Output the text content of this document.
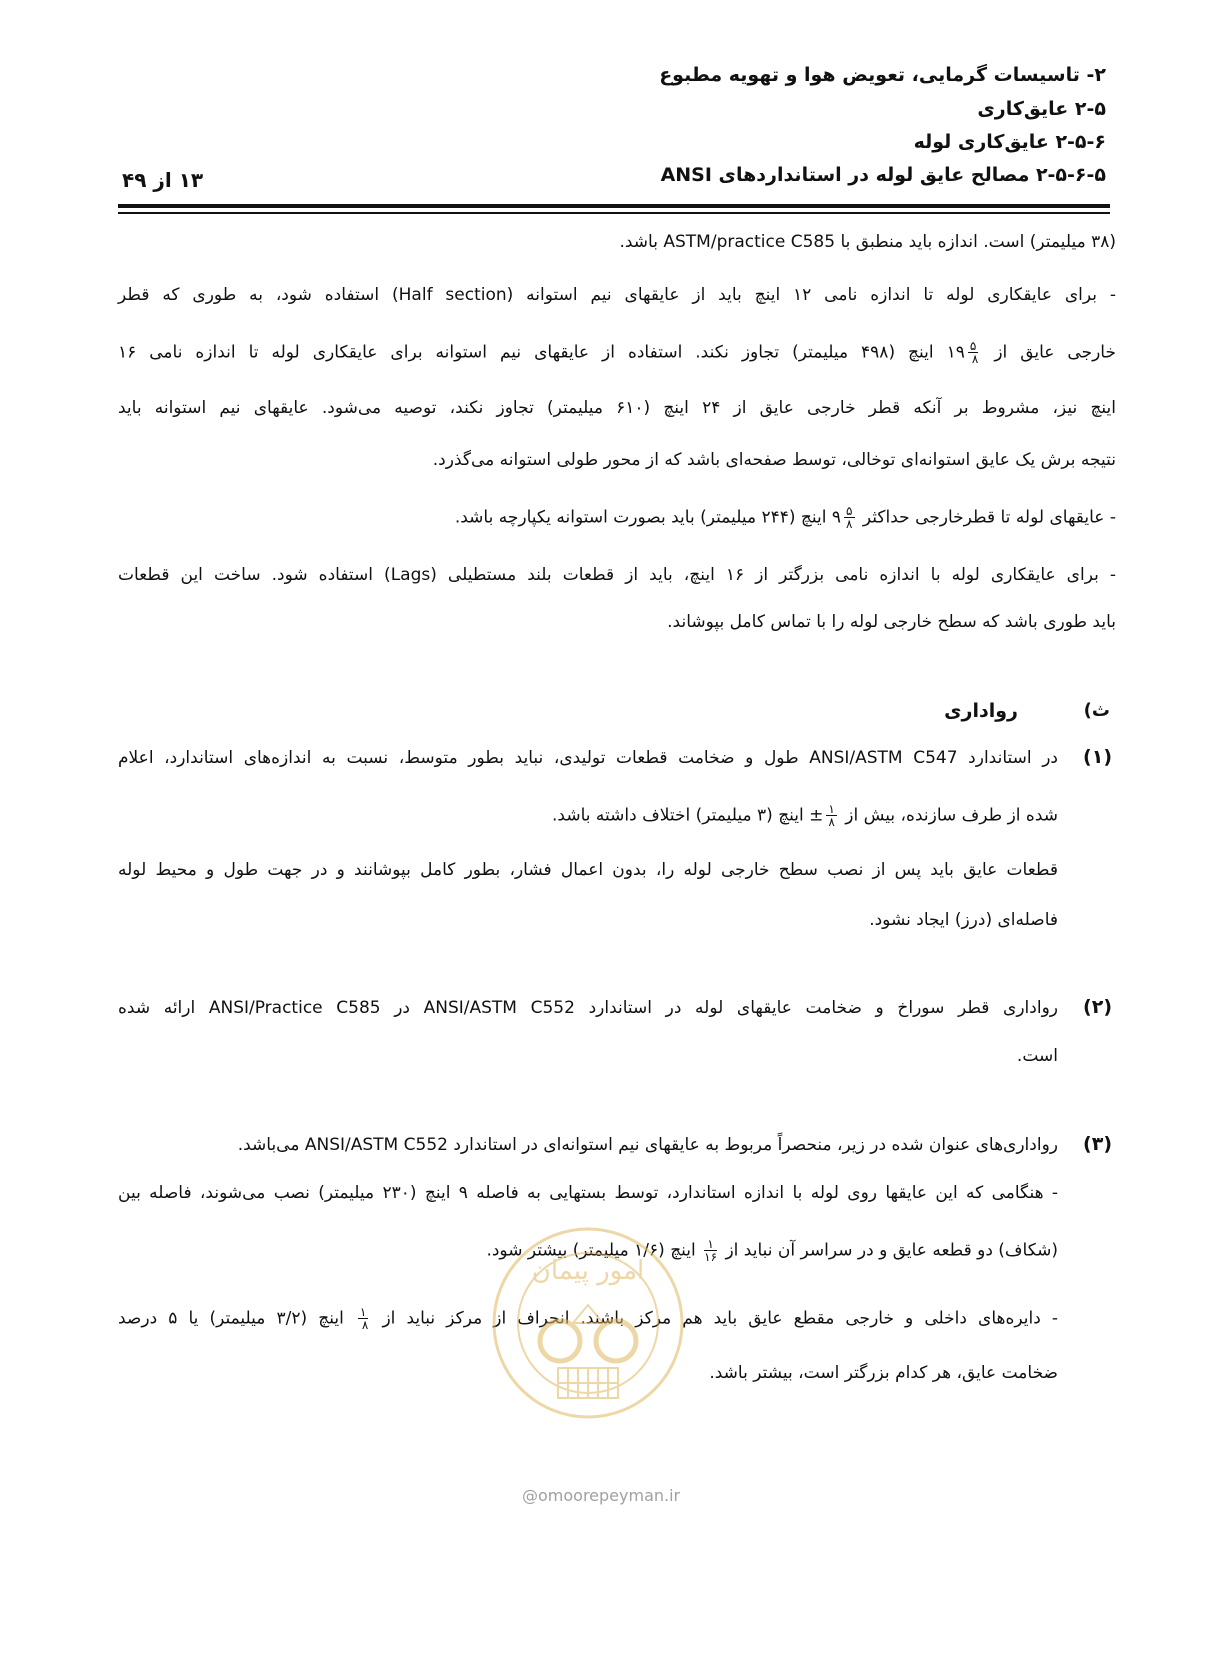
۲- تاسیسات گرمایی، تعویض هوا و تهویه مطبوع
۲-۵ عایق‌کاری
۲-۵-۶ عایق‌کاری لوله
۲-۵-۶-۵ مصالح عایق لوله در استانداردهای ANSI
۱۳ از ۴۹
(۳۸ میلیمتر) است. اندازه باید منطبق با ASTM/practice C585 باشد.
- برای عایقکاری لوله تا اندازه نامی ۱۲ اینچ باید از عایقهای نیم استوانه (Half section) استفاده شود، به طوری که قطر
خارجی عایق از
$\frac{۵}{۸}$
۱۹ اینچ (۴۹۸ میلیمتر) تجاوز نکند. استفاده از عایقهای نیم استوانه برای عایقکاری لوله تا اندازه نامی ۱۶
اینچ نیز، مشروط بر آنکه قطر خارجی عایق از ۲۴ اینچ (۶۱۰ میلیمتر) تجاوز نکند، توصیه می‌شود. عایقهای نیم استوانه باید
نتیجه برش یک عایق استوانه‌ای توخالی، توسط صفحه‌ای باشد که از محور طولی استوانه می‌گذرد.
- عایقهای لوله تا قطرخارجی حداکثر
$\frac{۵}{۸}$
۹ اینچ (۲۴۴ میلیمتر) باید بصورت استوانه یکپارچه باشد.
- برای عایقکاری لوله با اندازه نامی بزرگتر از ۱۶ اینچ، باید از قطعات بلند مستطیلی (Lags) استفاده شود. ساخت این قطعات
باید طوری باشد که سطح خارجی لوله را با تماس کامل بپوشاند.
ث)
رواداری
(۱)
در استاندارد ANSI/ASTM C547 طول و ضخامت قطعات تولیدی، نباید بطور متوسط، نسبت به اندازه‌های استاندارد، اعلام
شده از طرف سازنده، بیش از
$\frac{۱}{۸}$
± اینچ (۳ میلیمتر) اختلاف داشته باشد.
قطعات عایق باید پس از نصب سطح خارجی لوله را، بدون اعمال فشار، بطور کامل بپوشانند و در جهت طول و محیط لوله
فاصله‌ای (درز) ایجاد نشود.
(۲)
رواداری قطر سوراخ و ضخامت عایقهای لوله در استاندارد ANSI/ASTM C552 در ANSI/Practice C585 ارائه شده
است.
(۳)
رواداری‌های عنوان شده در زیر، منحصراً مربوط به عایقهای نیم استوانه‌ای در استاندارد ANSI/ASTM C552 می‌باشد.
- هنگامی که این عایقها روی لوله با اندازه استاندارد، توسط بستهایی به فاصله ۹ اینچ (۲۳۰ میلیمتر) نصب می‌شوند، فاصله بین
(شکاف) دو قطعه عایق و در سراسر آن نباید از
$\frac{۱}{۱۶}$
اینچ (۱/۶ میلیمتر) بیشتر شود.
- دایره‌های داخلی و خارجی مقطع عایق باید هم مرکز باشند. انحراف از مرکز نباید از
$\frac{۱}{۸}$
اینچ (۳/۲ میلیمتر) یا ۵ درصد
ضخامت عایق، هر کدام بزرگتر است، بیشتر باشد.
امور پیمان
@omoorepeyman.ir
